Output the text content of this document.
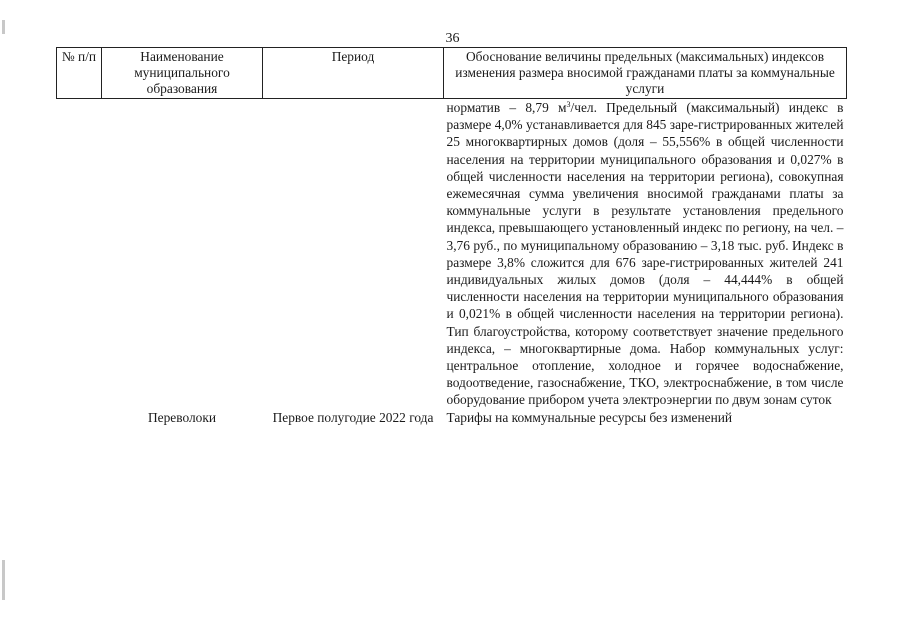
36
№ п/п	Наименование муниципального образования	Период	Обоснование величины предельных (максимальных) индексов изменения размера вносимой гражданами платы за коммунальные услуги
			норматив – 8,79 $м^3$/чел. Предельный (максимальный) индекс в размере 4,0% устанавливается для 845 заре-гистрированных жителей 25 многоквартирных домов (доля – 55,556% в общей численности населения на территории муниципального образования и 0,027% в общей численности населения на территории региона), совокупная ежемесячная сумма увеличения вносимой гражданами платы за коммунальные услуги в результате установления предельного индекса, превышающего установленный индекс по региону, на чел. – 3,76 руб., по муниципальному образованию – 3,18 тыс. руб. Индекс в размере 3,8% сложится для 676 заре-гистрированных жителей 241 индивидуальных жилых домов (доля – 44,444% в общей численности населения на территории муниципального образования и 0,021% в общей численности населения на территории региона). Тип благоустройства, которому соответствует значение предельного индекса, – многоквартирные дома. Набор коммунальных услуг: центральное отопление, холодное и горячее водоснабжение, водоотведение, газоснабжение, ТКО, электроснабжение, в том числе оборудование прибором учета электроэнергии по двум зонам суток
	Переволоки	Первое полугодие 2022 года	Тарифы на коммунальные ресурсы без изменений
